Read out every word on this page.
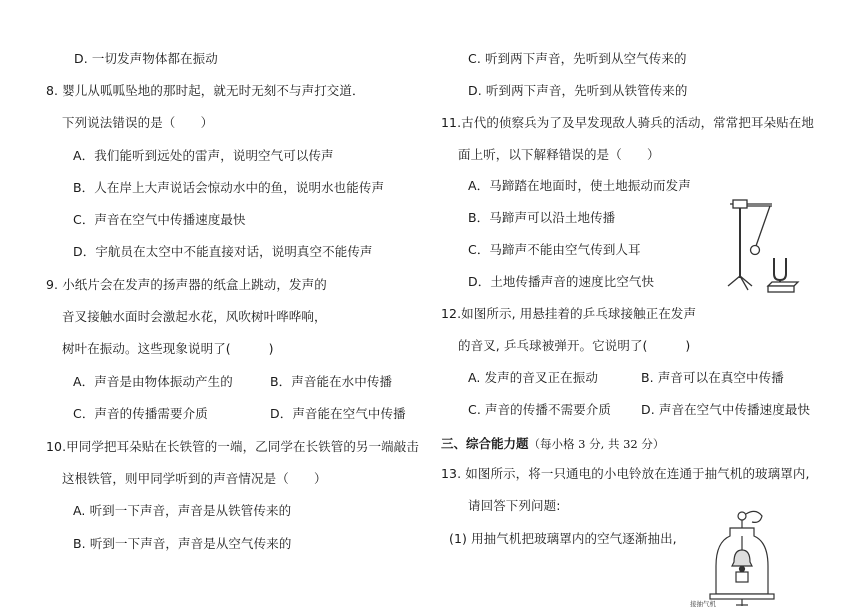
D. 一切发声物体都在振动
8. 婴儿从呱呱坠地的那时起，就无时无刻不与声打交道．
下列说法错误的是（　　）
A．我们能听到远处的雷声，说明空气可以传声
B．人在岸上大声说话会惊动水中的鱼，说明水也能传声
C．声音在空气中传播速度最快
D．宇航员在太空中不能直接对话，说明真空不能传声
9. 小纸片会在发声的扬声器的纸盒上跳动，发声的
音叉接触水面时会激起水花，风吹树叶哗哗响，
树叶在振动。这些现象说明了(　　　)
A．声音是由物体振动产生的	B．声音能在水中传播
C．声音的传播需要介质	D．声音能在空气中传播
10.甲同学把耳朵贴在长铁管的一端，乙同学在长铁管的另一端敲击
这根铁管，则甲同学听到的声音情况是（　　）
A. 听到一下声音，声音是从铁管传来的
B. 听到一下声音，声音是从空气传来的
C. 听到两下声音，先听到从空气传来的
D. 听到两下声音，先听到从铁管传来的
11.古代的侦察兵为了及早发现敌人骑兵的活动，常常把耳朵贴在地
面上听，以下解释错误的是（　　）
A．马蹄踏在地面时，使土地振动而发声
B．马蹄声可以沿土地传播
C．马蹄声不能由空气传到人耳
D．土地传播声音的速度比空气快
12.如图所示, 用悬挂着的乒乓球接触正在发声
的音叉, 乒乓球被弹开。它说明了(　　　)
A. 发声的音叉正在振动	B. 声音可以在真空中传播
C. 声音的传播不需要介质 D. 声音在空气中传播速度最快
三、综合能力题（每小格 3 分, 共 32 分）
13. 如图所示，将一只通电的小电铃放在连通于抽气机的玻璃罩内,
请回答下列问题:
(1) 用抽气机把玻璃罩内的空气逐渐抽出,
接抽气机
